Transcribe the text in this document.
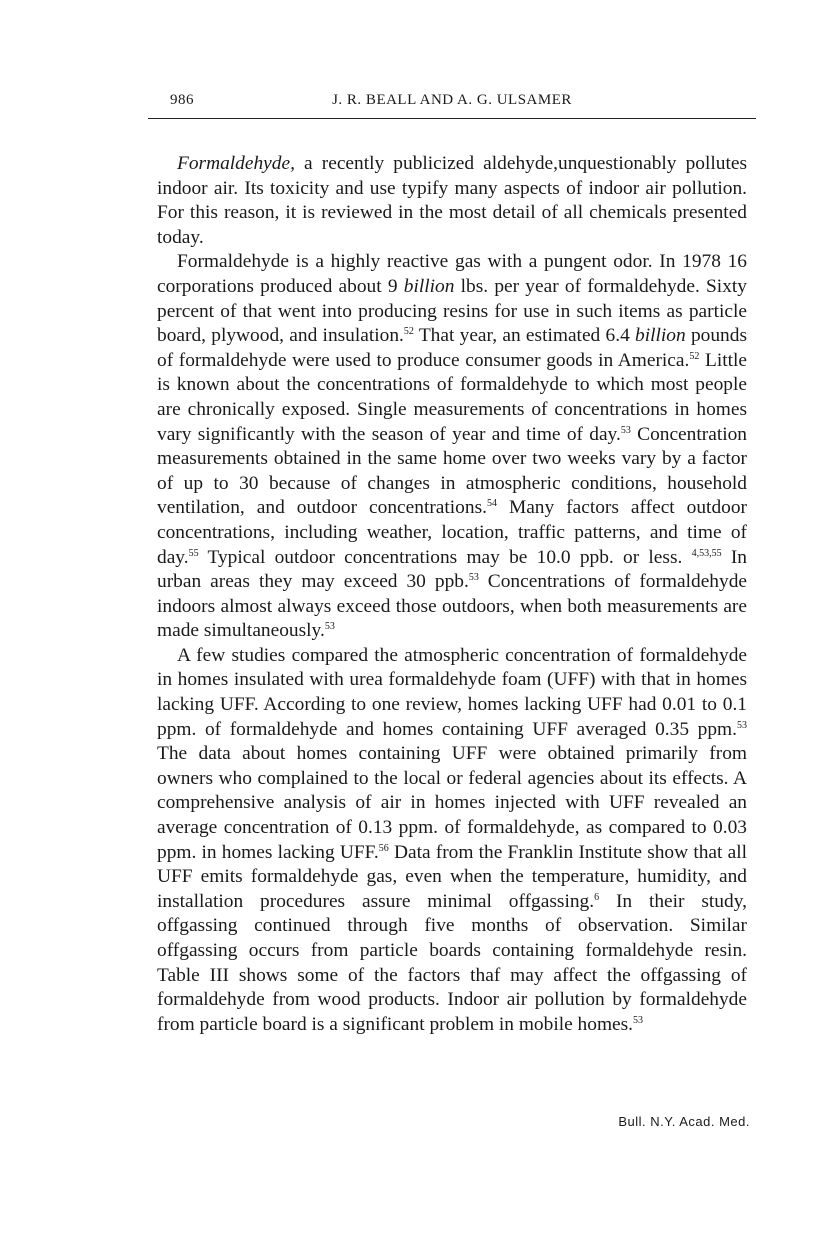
986	J. R. BEALL AND A. G. ULSAMER

Formaldehyde, a recently publicized aldehyde,unquestionably pollutes indoor air. Its toxicity and use typify many aspects of indoor air pollution. For this reason, it is reviewed in the most detail of all chemicals presented today.

Formaldehyde is a highly reactive gas with a pungent odor. In 1978 16 corporations produced about 9 billion lbs. per year of formaldehyde. Sixty percent of that went into producing resins for use in such items as particle board, plywood, and insulation.$^{52}$ That year, an estimated 6.4 billion pounds of formaldehyde were used to produce consumer goods in America.$^{52}$ Little is known about the concentrations of formaldehyde to which most people are chronically exposed. Single measurements of concentrations in homes vary significantly with the season of year and time of day.$^{53}$ Concentration measurements obtained in the same home over two weeks vary by a factor of up to 30 because of changes in atmospheric conditions, household ventilation, and outdoor concentrations.$^{54}$ Many factors affect outdoor concentrations, including weather, location, traffic patterns, and time of day.$^{55}$ Typical outdoor concentrations may be 10.0 ppb. or less. $^{4,53,55}$ In urban areas they may exceed 30 ppb.$^{53}$ Concentrations of formaldehyde indoors almost always exceed those outdoors, when both measurements are made simultaneously.$^{53}$

A few studies compared the atmospheric concentration of formaldehyde in homes insulated with urea formaldehyde foam (UFF) with that in homes lacking UFF. According to one review, homes lacking UFF had 0.01 to 0.1 ppm. of formaldehyde and homes containing UFF averaged 0.35 ppm.$^{53}$ The data about homes containing UFF were obtained primarily from owners who complained to the local or federal agencies about its effects. A comprehensive analysis of air in homes injected with UFF revealed an average concentration of 0.13 ppm. of formaldehyde, as compared to 0.03 ppm. in homes lacking UFF.$^{56}$ Data from the Franklin Institute show that all UFF emits formaldehyde gas, even when the temperature, humidity, and installation procedures assure minimal offgassing.$^6$ In their study, offgassing continued through five months of observation. Similar offgassing occurs from particle boards containing formaldehyde resin. Table III shows some of the factors thaf may affect the offgassing of formaldehyde from wood products. Indoor air pollution by formaldehyde from particle board is a significant problem in mobile homes.$^{53}$

Bull. N.Y. Acad. Med.
